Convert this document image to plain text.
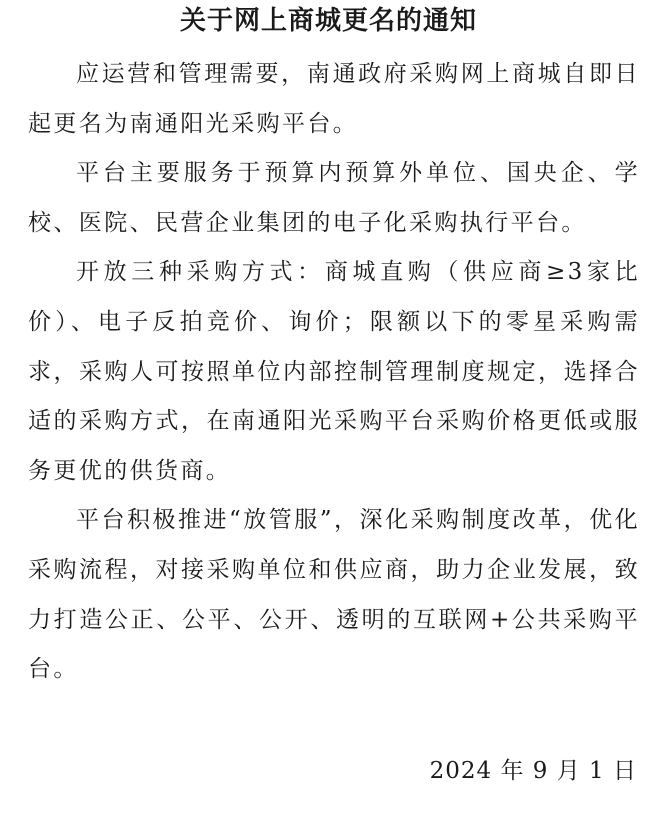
关于网上商城更名的通知

应运营和管理需要，南通政府采购网上商城自即日起更名为南通阳光采购平台。

平台主要服务于预算内预算外单位、国央企、学校、医院、民营企业集团的电子化采购执行平台。

开放三种采购方式：商城直购（供应商≥3家比价）、电子反拍竞价、询价；限额以下的零星采购需求，采购人可按照单位内部控制管理制度规定，选择合适的采购方式，在南通阳光采购平台采购价格更低或服务更优的供货商。

平台积极推进“放管服”，深化采购制度改革，优化采购流程，对接采购单位和供应商，助力企业发展，致力打造公正、公平、公开、透明的互联网+公共采购平台。

2024 年 9 月 1 日
